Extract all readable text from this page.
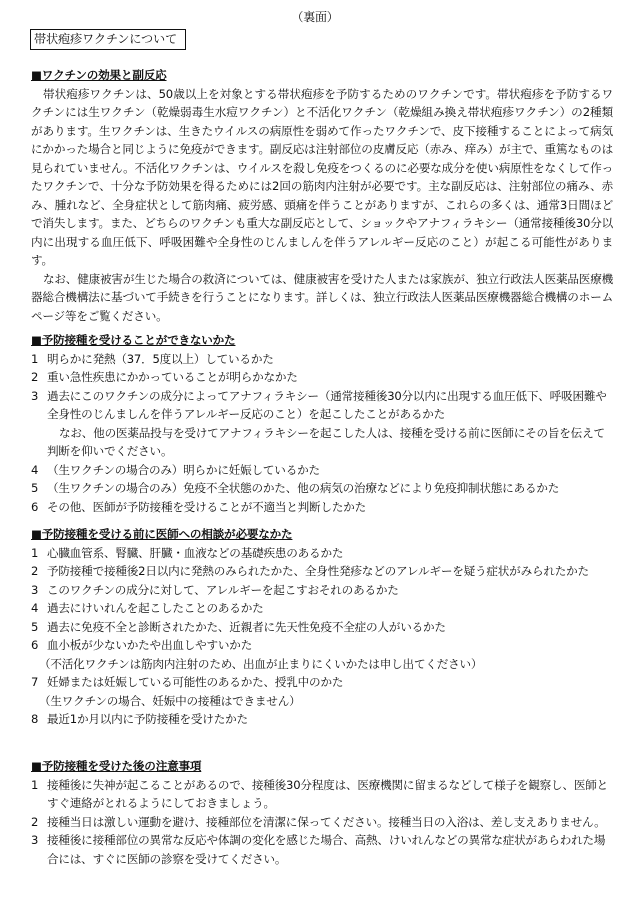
（裏面）
帯状疱疹ワクチンについて
■ワクチンの効果と副反応

帯状疱疹ワクチンは、50歳以上を対象とする帯状疱疹を予防するためのワクチンです。帯状疱疹を予防するワクチンには生ワクチン（乾燥弱毒生水痘ワクチン）と不活化ワクチン（乾燥組み換え帯状疱疹ワクチン）の2種類があります。生ワクチンは、生きたウイルスの病原性を弱めて作ったワクチンで、皮下接種することによって病気にかかった場合と同じように免疫ができます。副反応は注射部位の皮膚反応（赤み、痒み）が主で、重篤なものは見られていません。不活化ワクチンは、ウイルスを殺し免疫をつくるのに必要な成分を使い病原性をなくして作ったワクチンで、十分な予防効果を得るためには2回の筋肉内注射が必要です。主な副反応は、注射部位の痛み、赤み、腫れなど、全身症状として筋肉痛、疲労感、頭痛を伴うことがありますが、これらの多くは、通常3日間ほどで消失します。また、どちらのワクチンも重大な副反応として、ショックやアナフィラキシー（通常接種後30分以内に出現する血圧低下、呼吸困難や全身性のじんましんを伴うアレルギー反応のこと）が起こる可能性があります。

なお、健康被害が生じた場合の救済については、健康被害を受けた人または家族が、独立行政法人医薬品医療機器総合機構法に基づいて手続きを行うことになります。詳しくは、独立行政法人医薬品医療機器総合機構のホームページ等をご覧ください。

■予防接種を受けることができないかた
1 明らかに発熱（37．5度以上）しているかた
2 重い急性疾患にかかっていることが明らかなかた
3 過去にこのワクチンの成分によってアナフィラキシー（通常接種後30分以内に出現する血圧低下、呼吸困難や全身性のじんましんを伴うアレルギー反応のこと）を起こしたことがあるかた
なお、他の医薬品投与を受けてアナフィラキシーを起こした人は、接種を受ける前に医師にその旨を伝えて判断を仰いでください。
4 （生ワクチンの場合のみ）明らかに妊娠しているかた
5 （生ワクチンの場合のみ）免疫不全状態のかた、他の病気の治療などにより免疫抑制状態にあるかた
6 その他、医師が予防接種を受けることが不適当と判断したかた
■予防接種を受ける前に医師への相談が必要なかた
1 心臓血管系、腎臓、肝臓・血液などの基礎疾患のあるかた
2 予防接種で接種後2日以内に発熱のみられたかた、全身性発疹などのアレルギーを疑う症状がみられたかた
3 このワクチンの成分に対して、アレルギーを起こすおそれのあるかた
4 過去にけいれんを起こしたことのあるかた
5 過去に免疫不全と診断されたかた、近親者に先天性免疫不全症の人がいるかた
6 血小板が少ないかたや出血しやすいかた
（不活化ワクチンは筋肉内注射のため、出血が止まりにくいかたは申し出てください）
7 妊婦または妊娠している可能性のあるかた、授乳中のかた
（生ワクチンの場合、妊娠中の接種はできません）
8 最近1か月以内に予防接種を受けたかた
■予防接種を受けた後の注意事項
1 接種後に失神が起こることがあるので、接種後30分程度は、医療機関に留まるなどして様子を観察し、医師とすぐ連絡がとれるようにしておきましょう。
2 接種当日は激しい運動を避け、接種部位を清潔に保ってください。接種当日の入浴は、差し支えありません。
3 接種後に接種部位の異常な反応や体調の変化を感じた場合、高熱、けいれんなどの異常な症状があらわれた場合には、すぐに医師の診察を受けてください。
